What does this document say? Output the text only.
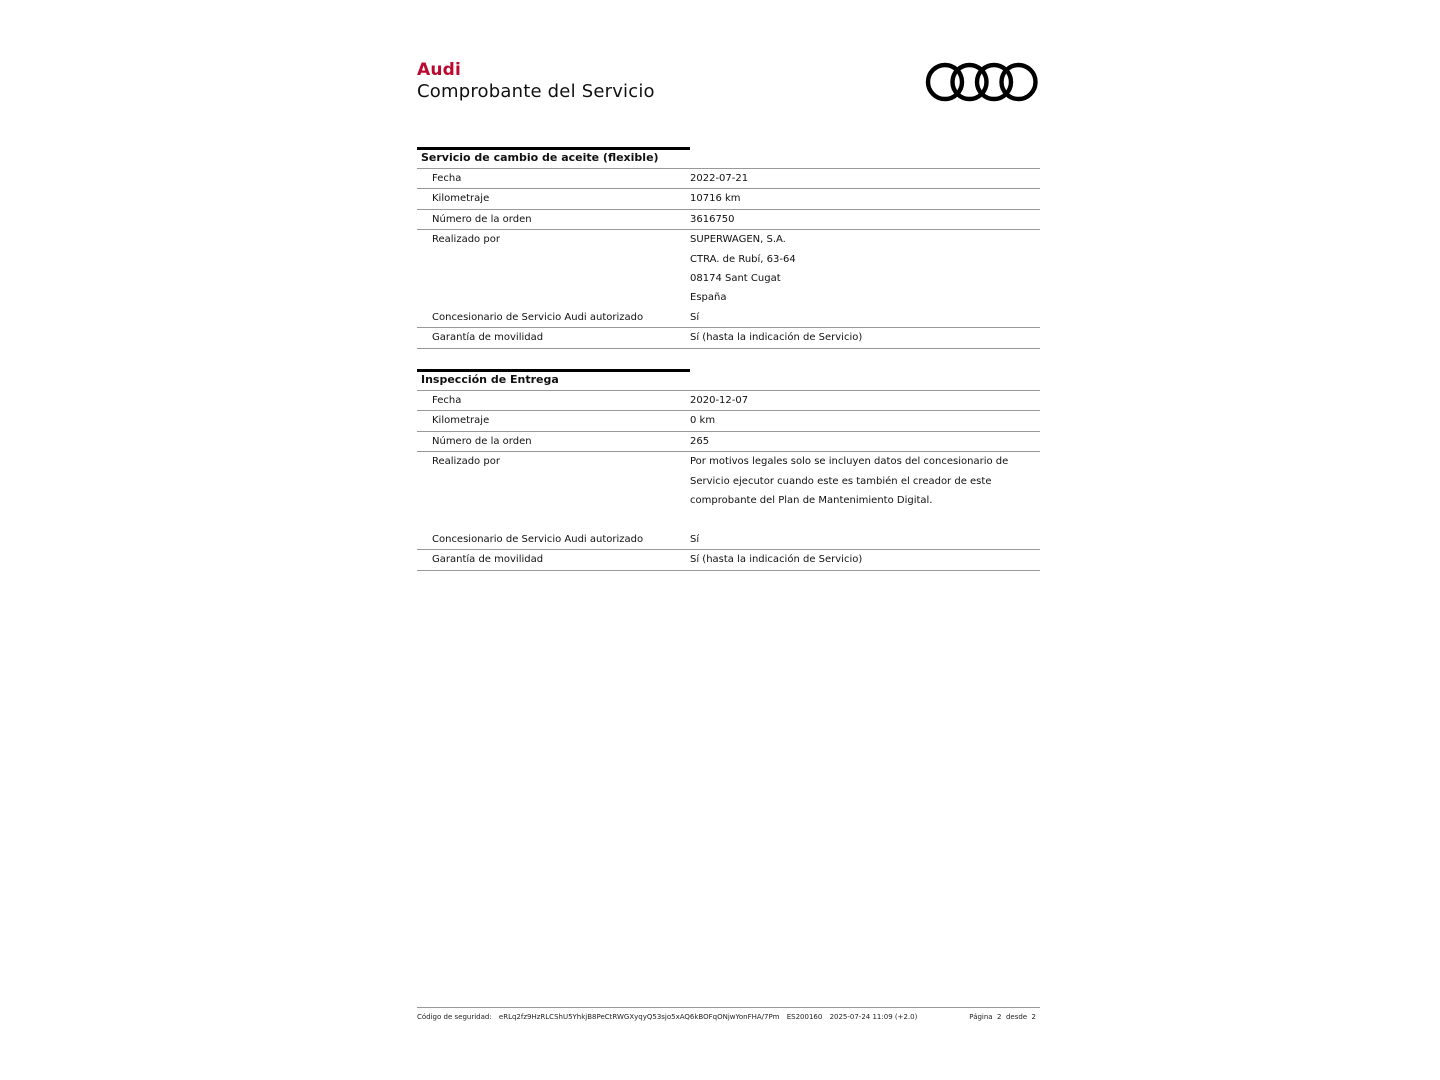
Audi
Comprobante del Servicio
Servicio de cambio de aceite (flexible)
Fecha	2022-07-21
Kilometraje	10716 km
Número de la orden	3616750
Realizado por	SUPERWAGEN, S.A.
CTRA. de Rubí, 63-64
08174 Sant Cugat
España
Concesionario de Servicio Audi autorizado	Sí
Garantía de movilidad	Sí (hasta la indicación de Servicio)
Inspección de Entrega
Fecha	2020-12-07
Kilometraje	0 km
Número de la orden	265
Realizado por	Por motivos legales solo se incluyen datos del concesionario de
Servicio ejecutor cuando este es también el creador de este
comprobante del Plan de Mantenimiento Digital.
Concesionario de Servicio Audi autorizado	Sí
Garantía de movilidad	Sí (hasta la indicación de Servicio)
Código de seguridad: eRLq2fz9HzRLCShU5YhkjB8PeCtRWGXyqyQ53sjo5xAQ6kBOFqONjwYonFHA/7Pm ES200160 2025-07-24 11:09 (+2.0)	Página  2  desde  2
